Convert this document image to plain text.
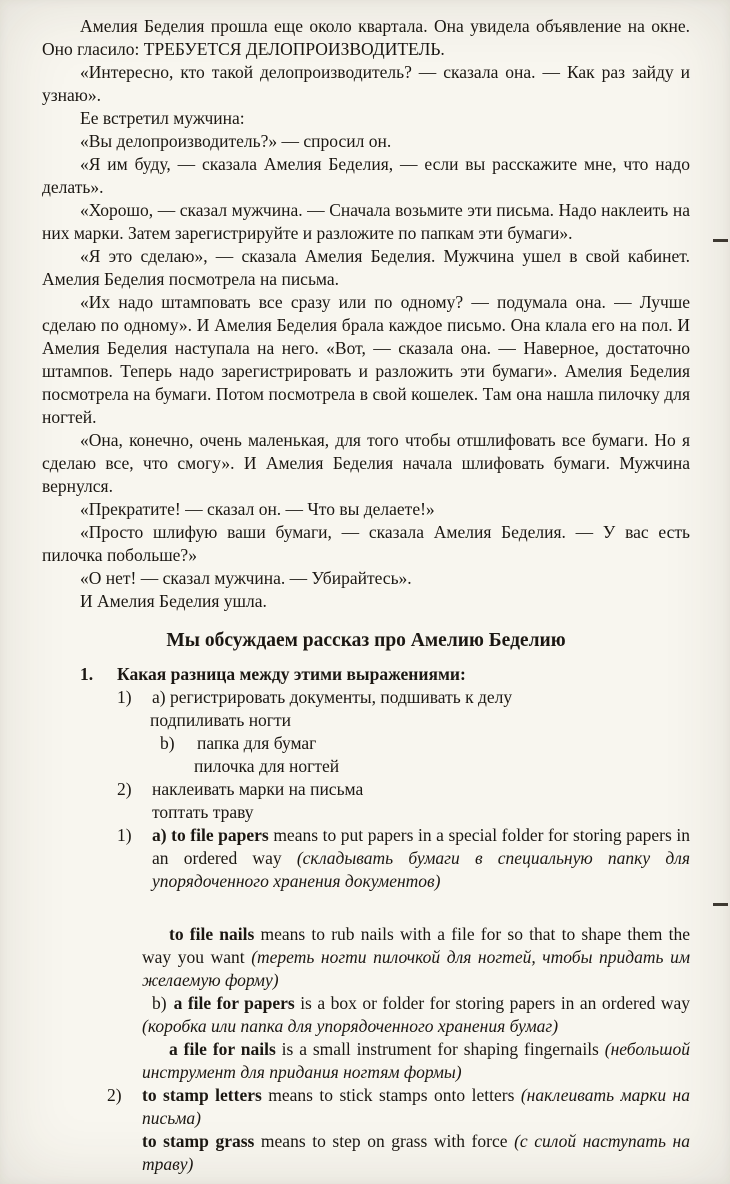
Амелия Беделия прошла еще около квартала. Она увидела объявление на окне. Оно гласило: ТРЕБУЕТСЯ ДЕЛОПРОИЗВОДИТЕЛЬ.

«Интересно, кто такой делопроизводитель? — сказала она. — Как раз зайду и узнаю».

Ее встретил мужчина:

«Вы делопроизводитель?» — спросил он.

«Я им буду, — сказала Амелия Беделия, — если вы расскажите мне, что надо делать».

«Хорошо, — сказал мужчина. — Сначала возьмите эти письма. Надо наклеить на них марки. Затем зарегистрируйте и разложите по папкам эти бумаги».

«Я это сделаю», — сказала Амелия Беделия. Мужчина ушел в свой кабинет. Амелия Беделия посмотрела на письма.

«Их надо штамповать все сразу или по одному? — подумала она. — Лучше сделаю по одному». И Амелия Беделия брала каждое письмо. Она клала его на пол. И Амелия Беделия наступала на него. «Вот, — сказала она. — Наверное, достаточно штампов. Теперь надо зарегистрировать и разложить эти бумаги». Амелия Беделия посмотрела на бумаги. Потом посмотрела в свой кошелек. Там она нашла пилочку для ногтей.

«Она, конечно, очень маленькая, для того чтобы отшлифовать все бумаги. Но я сделаю все, что смогу». И Амелия Беделия начала шлифовать бумаги. Мужчина вернулся.

«Прекратите! — сказал он. — Что вы делаете!»

«Просто шлифую ваши бумаги, — сказала Амелия Беделия. — У вас есть пилочка побольше?»

«О нет! — сказал мужчина. — Убирайтесь».

И Амелия Беделия ушла.

Мы обсуждаем рассказ про Амелию Беделию

1. Какая разница между этими выражениями:

1) а) регистрировать документы, подшивать к делу

подпиливать ногти

b) папка для бумаг

пилочка для ногтей

2) наклеивать марки на письма

топтать траву

1) a) to file papers means to put papers in a special folder for storing papers in an ordered way (складывать бумаги в специальную папку для упорядоченного хранения документов)

to file nails means to rub nails with a file for so that to shape them the way you want (тереть ногти пилочкой для ногтей, чтобы придать им желаемую форму)

b) a file for papers is a box or folder for storing papers in an ordered way (коробка или папка для упорядоченного хранения бумаг)

a file for nails is a small instrument for shaping fingernails (небольшой инструмент для придания ногтям формы)

2) to stamp letters means to stick stamps onto letters (наклеивать марки на письма)

to stamp grass means to step on grass with force (с силой наступать на траву)
